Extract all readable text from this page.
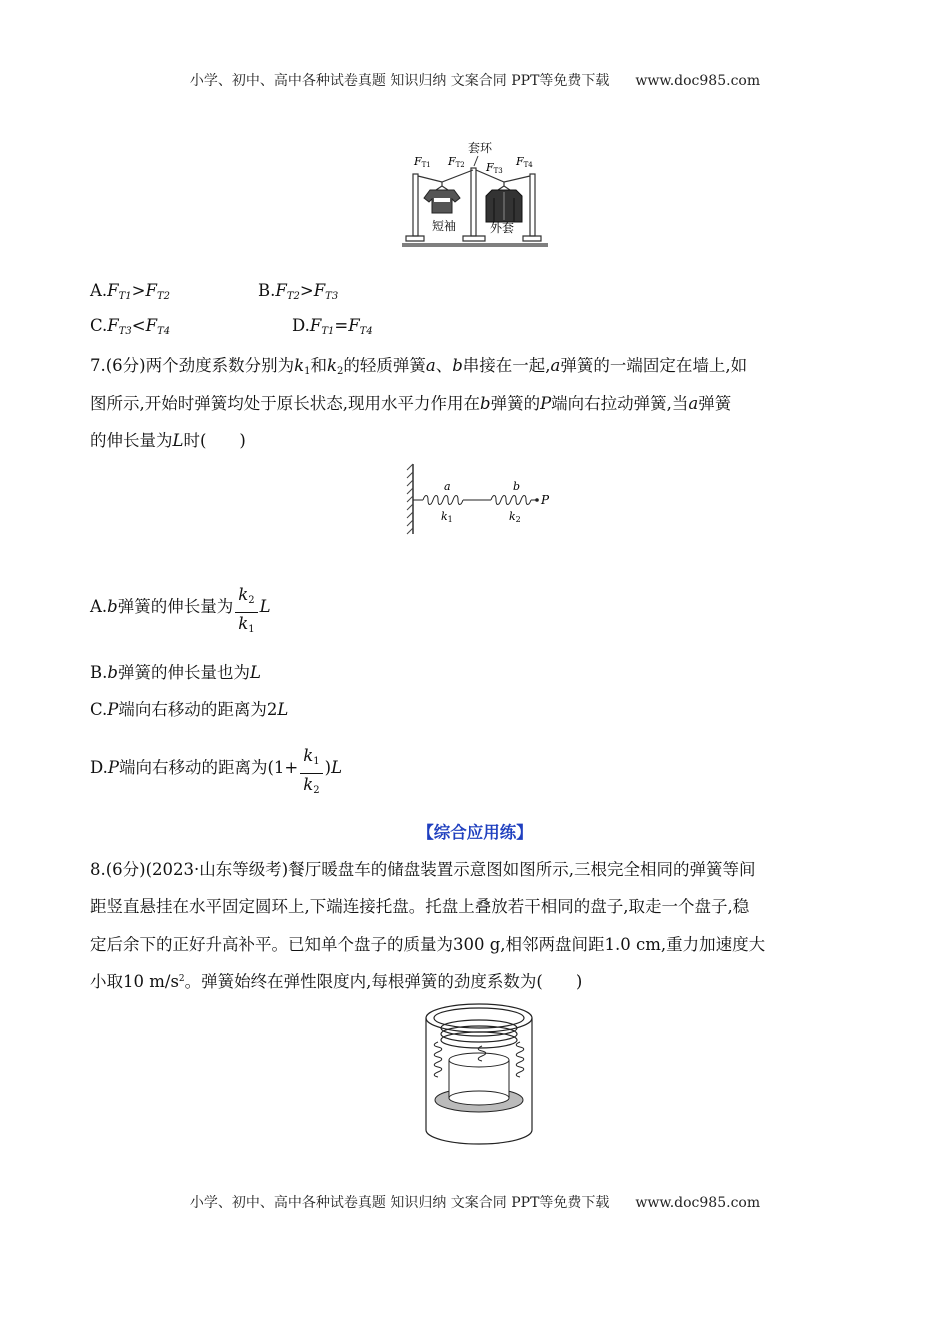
小学、初中、高中各种试卷真题 知识归纳 文案合同 PPT等免费下载 www.doc985.com
套环
FT1 FT2 FT3
FT4
短袖	外套
$A.F_{T1}>F_{T2}$	$B.F_{T2}>F_{T3}$
$C.F_{T3}<F_{T4}$	$D.F_{T1}=F_{T4}$
7.(6分)两个劲度系数分别为$k_1$和$k_2$的轻质弹簧a、b串接在一起,a弹簧的一端固定在墙上,如
图所示,开始时弹簧均处于原长状态,现用水平力作用在b弹簧的P端向右拉动弹簧,当a弹簧
的伸长量为L时(　　)
a	b
P
k1	k2
A.b弹簧的伸长量为 $\frac{k_2}{k_1}$ L
B.b弹簧的伸长量也为L
C.P端向右移动的距离为2L
D.P端向右移动的距离为$(1+ \frac{k_1}{k_2} )L$
【综合应用练】
8.(6分)(2023·山东等级考)餐厅暖盘车的储盘装置示意图如图所示,三根完全相同的弹簧等间
距竖直悬挂在水平固定圆环上,下端连接托盘。托盘上叠放若干相同的盘子,取走一个盘子,稳
定后余下的正好升高补平。已知单个盘子的质量为300 g,相邻两盘间距1.0 cm,重力加速度大
小取10 $m/s^2$。弹簧始终在弹性限度内,每根弹簧的劲度系数为(　　)
小学、初中、高中各种试卷真题 知识归纳 文案合同 PPT等免费下载 www.doc985.com
